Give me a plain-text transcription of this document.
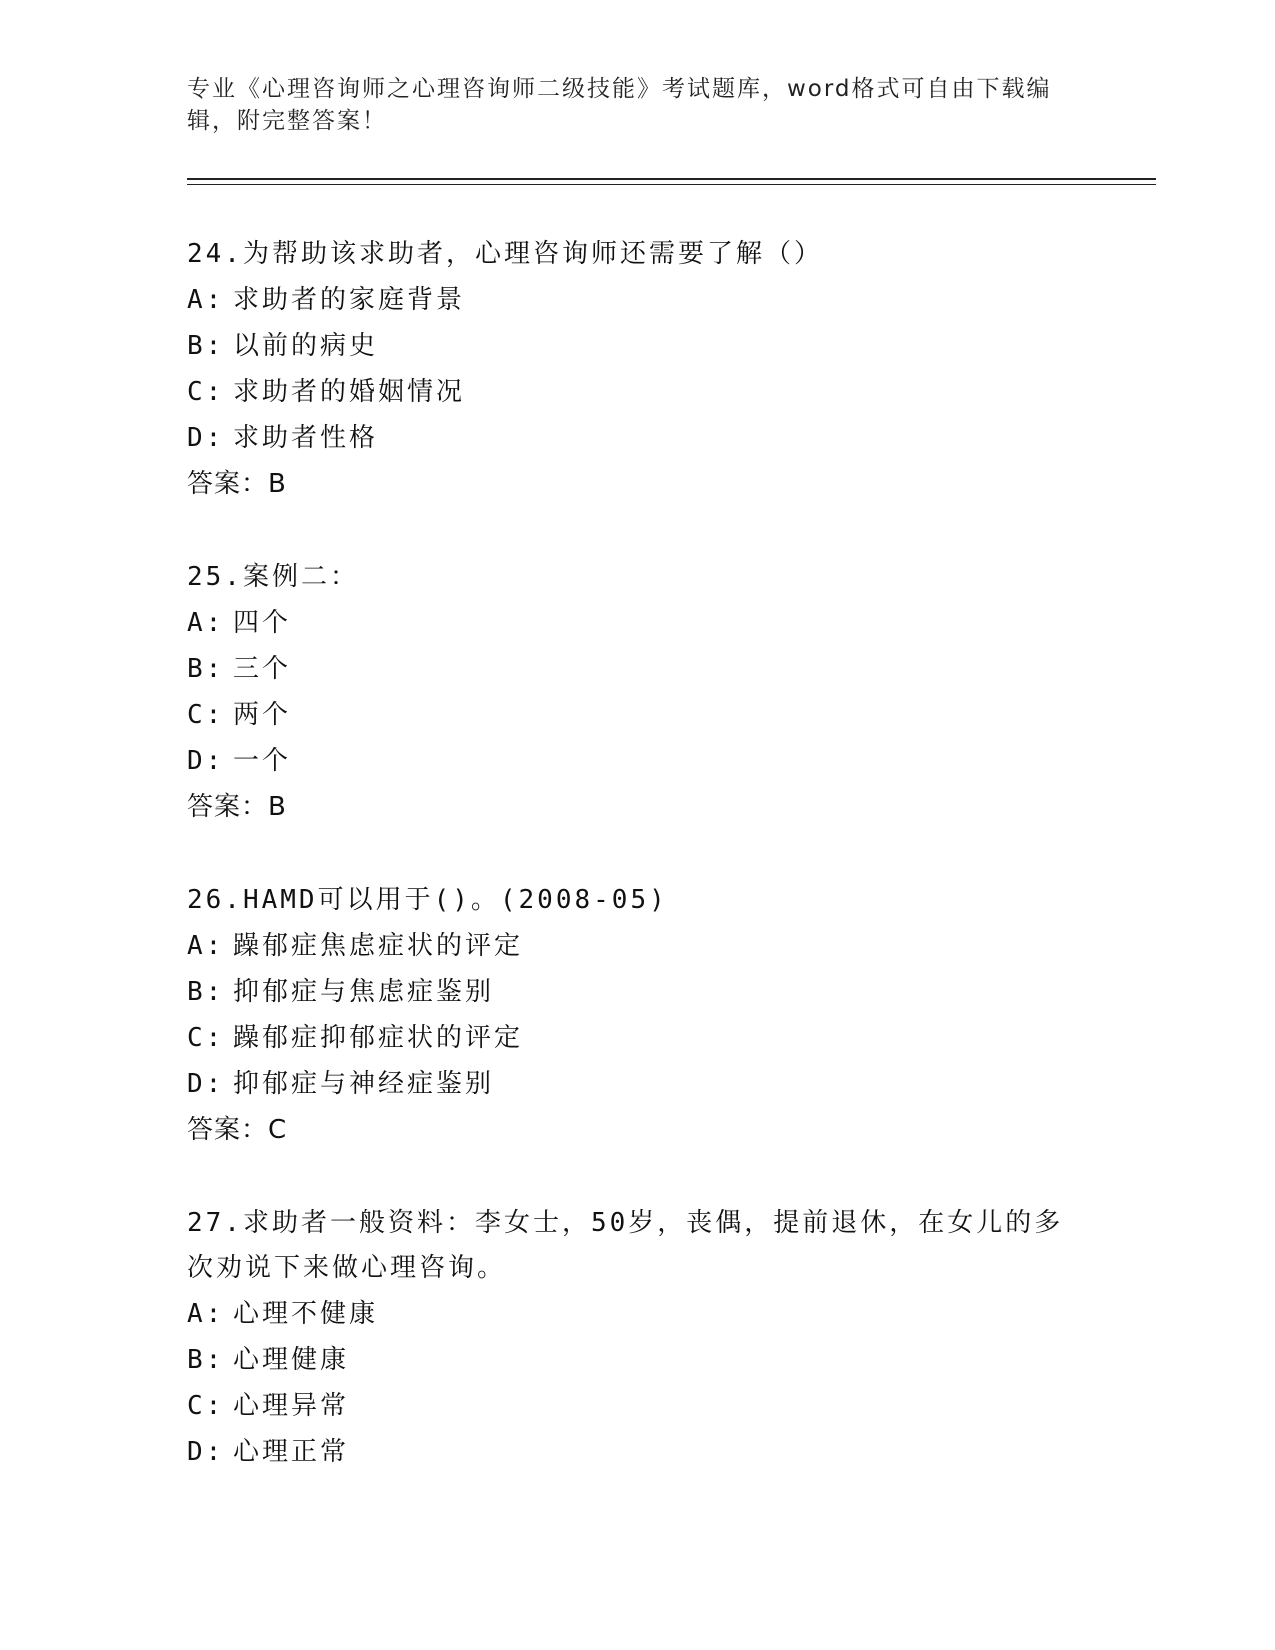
专业《心理咨询师之心理咨询师二级技能》考试题库，word格式可自由下载编辑，附完整答案！
24.为帮助该求助者，心理咨询师还需要了解（）
A: 求助者的家庭背景
B: 以前的病史
C: 求助者的婚姻情况
D: 求助者性格
答案：B
25.案例二：
A: 四个
B: 三个
C: 两个
D: 一个
答案：B
26.HAMD可以用于()。(2008-05)
A: 躁郁症焦虑症状的评定
B: 抑郁症与焦虑症鉴别
C: 躁郁症抑郁症状的评定
D: 抑郁症与神经症鉴别
答案：C
27.求助者一般资料：李女士，50岁，丧偶，提前退休，在女儿的多次劝说下来做心理咨询。
A: 心理不健康
B: 心理健康
C: 心理异常
D: 心理正常
